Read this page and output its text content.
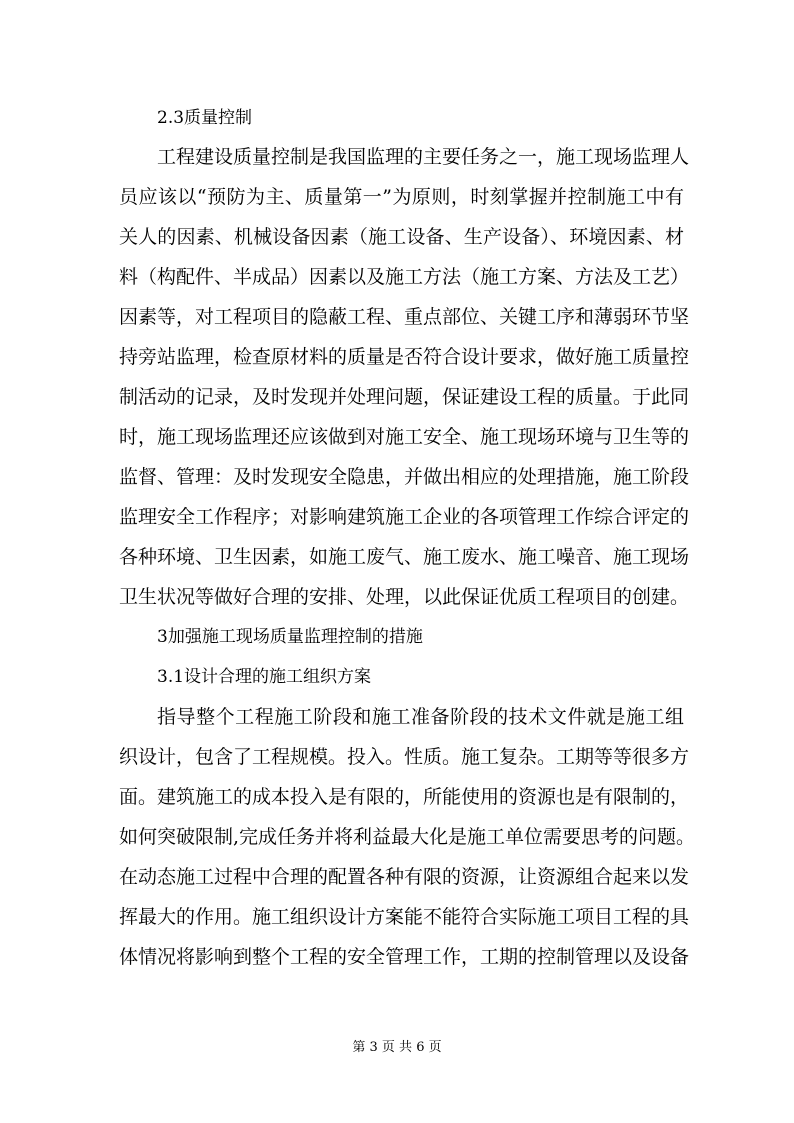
2.3质量控制
工程建设质量控制是我国监理的主要任务之一，施工现场监理人
员应该以“预防为主、质量第一”为原则，时刻掌握并控制施工中有
关人的因素、机械设备因素（施工设备、生产设备）、环境因素、材
料（构配件、半成品）因素以及施工方法（施工方案、方法及工艺）
因素等，对工程项目的隐蔽工程、重点部位、关键工序和薄弱环节坚
持旁站监理，检查原材料的质量是否符合设计要求，做好施工质量控
制活动的记录，及时发现并处理问题，保证建设工程的质量。于此同
时，施工现场监理还应该做到对施工安全、施工现场环境与卫生等的
监督、管理：及时发现安全隐患，并做出相应的处理措施，施工阶段
监理安全工作程序；对影响建筑施工企业的各项管理工作综合评定的
各种环境、卫生因素，如施工废气、施工废水、施工噪音、施工现场
卫生状况等做好合理的安排、处理，以此保证优质工程项目的创建。
3加强施工现场质量监理控制的措施
3.1设计合理的施工组织方案
指导整个工程施工阶段和施工准备阶段的技术文件就是施工组
织设计，包含了工程规模。投入。性质。施工复杂。工期等等很多方
面。建筑施工的成本投入是有限的，所能使用的资源也是有限制的，
如何突破限制,完成任务并将利益最大化是施工单位需要思考的问题。
在动态施工过程中合理的配置各种有限的资源，让资源组合起来以发
挥最大的作用。施工组织设计方案能不能符合实际施工项目工程的具
体情况将影响到整个工程的安全管理工作，工期的控制管理以及设备
第 3 页 共 6 页
